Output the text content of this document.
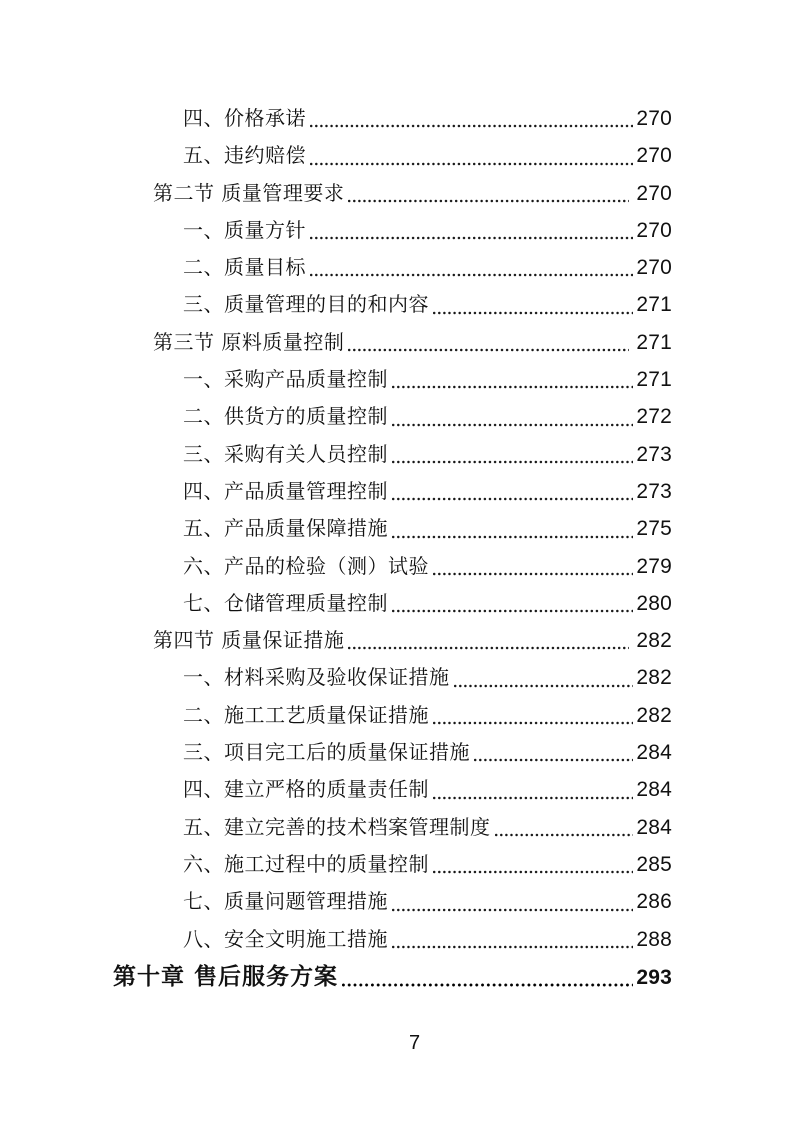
四、价格承诺	270
五、违约赔偿	270
第二节 质量管理要求	270
一、质量方针	270
二、质量目标	270
三、质量管理的目的和内容	271
第三节 原料质量控制	271
一、采购产品质量控制	271
二、供货方的质量控制	272
三、采购有关人员控制	273
四、产品质量管理控制	273
五、产品质量保障措施	275
六、产品的检验（测）试验	279
七、仓储管理质量控制	280
第四节 质量保证措施	282
一、材料采购及验收保证措施	282
二、施工工艺质量保证措施	282
三、项目完工后的质量保证措施	284
四、建立严格的质量责任制	284
五、建立完善的技术档案管理制度	284
六、施工过程中的质量控制	285
七、质量问题管理措施	286
八、安全文明施工措施	288
第十章 售后服务方案	293
7
